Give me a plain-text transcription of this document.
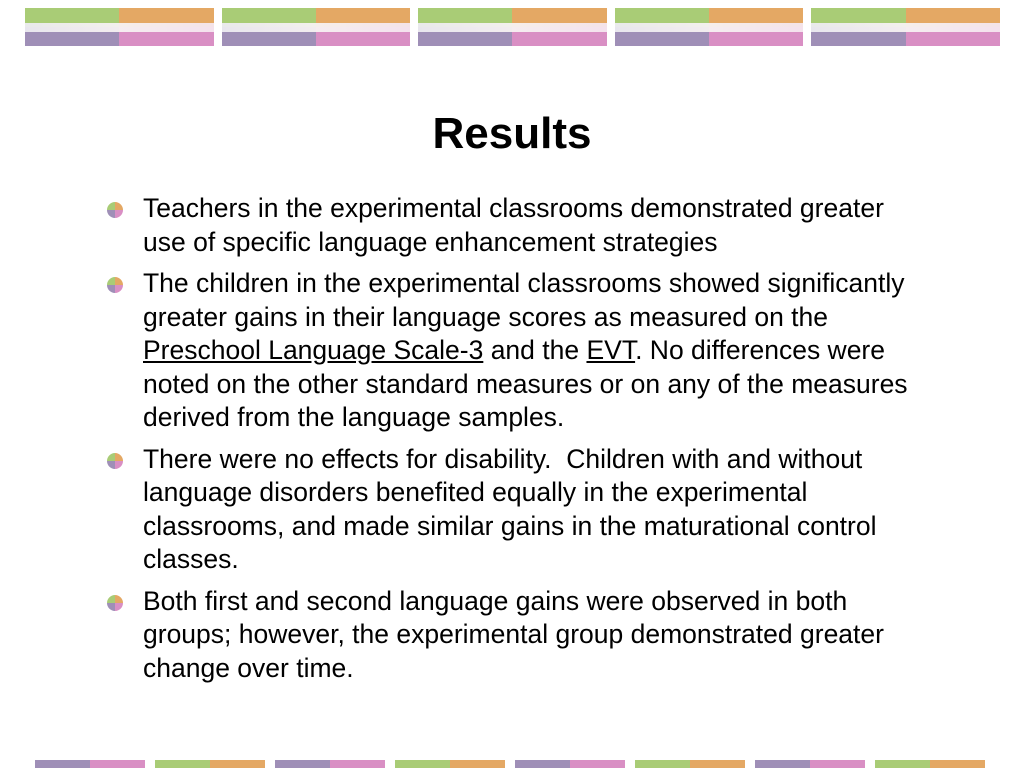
Results
Teachers in the experimental classrooms demonstrated greater use of specific language enhancement strategies
The children in the experimental classrooms showed significantly greater gains in their language scores as measured on the Preschool Language Scale-3 and the EVT. No differences were noted on the other standard measures or on any of the measures derived from the language samples.
There were no effects for disability.  Children with and without language disorders benefited equally in the experimental classrooms, and made similar gains in the maturational control classes.
Both first and second language gains were observed in both groups; however, the experimental group demonstrated greater change over time.
